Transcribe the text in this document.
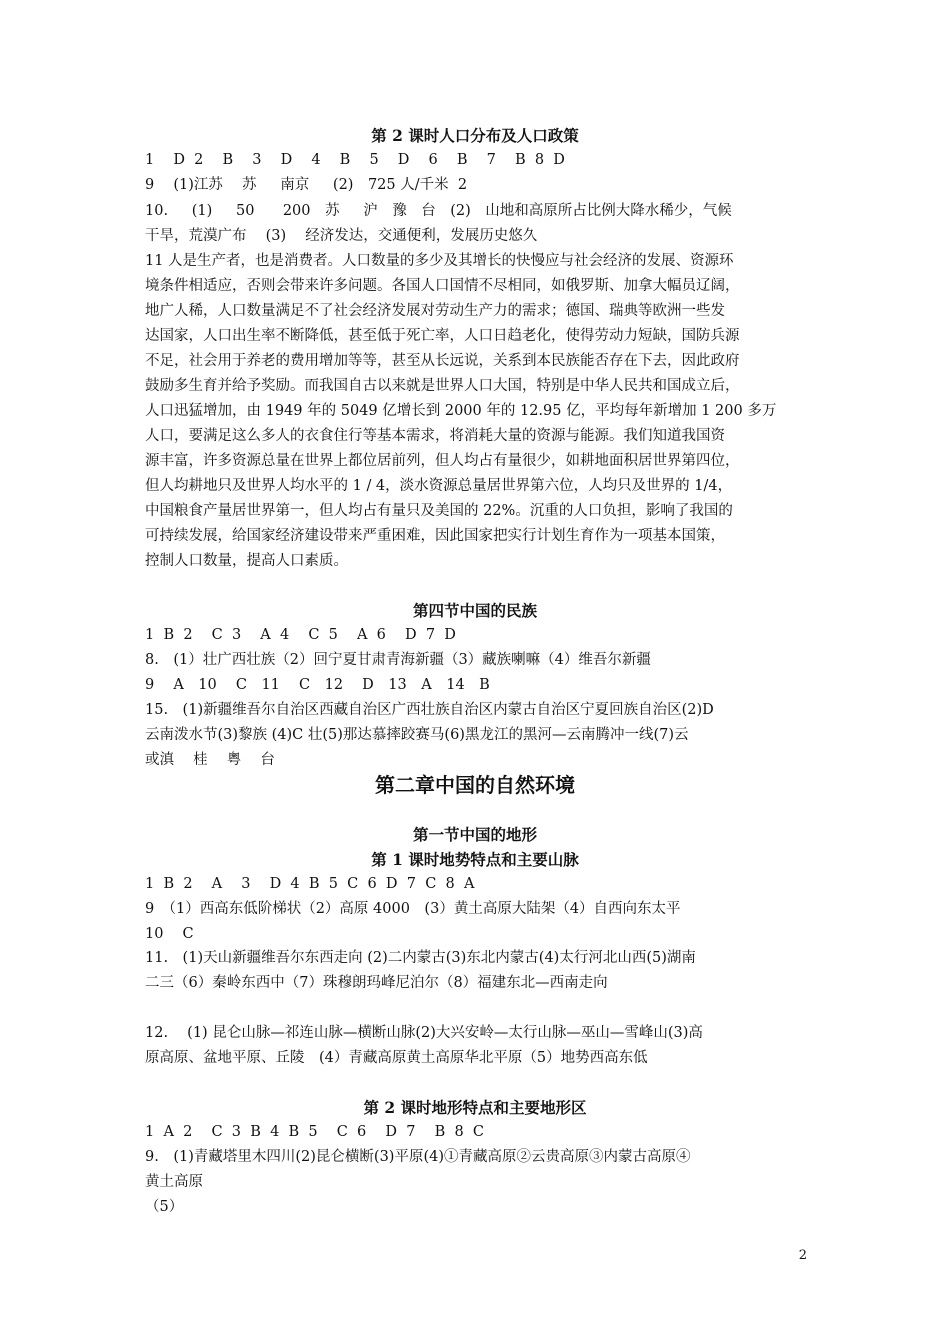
第 2 课时人口分布及人口政策
1　 D  2　 B　 3　 D　 4　 B　 5　 D　 6　 B　 7　 B  8  D
9　 (1)江苏　 苏　  南京　  (2)　725 人/千米  2
10.　  (1)　  50　   200　苏　  沪　豫　台　(2)　山地和高原所占比例大降水稀少，气候
干旱，荒漠广布　 (3)　 经济发达，交通便利，发展历史悠久
11 人是生产者，也是消费者。人口数量的多少及其增长的快慢应与社会经济的发展、资源环
境条件相适应，否则会带来许多问题。各国人口国情不尽相同，如俄罗斯、加拿大幅员辽阔，
地广人稀，人口数量满足不了社会经济发展对劳动生产力的需求；德国、瑞典等欧洲一些发
达国家，人口出生率不断降低，甚至低于死亡率，人口日趋老化，使得劳动力短缺，国防兵源
不足，社会用于养老的费用增加等等，甚至从长远说，关系到本民族能否存在下去，因此政府
鼓励多生育并给予奖励。而我国自古以来就是世界人口大国，特别是中华人民共和国成立后，
人口迅猛增加，由 1949 年的 5049 亿增长到 2000 年的 12.95 亿，平均每年新增加 1 200 多万
人口，要满足这么多人的衣食住行等基本需求，将消耗大量的资源与能源。我们知道我国资
源丰富，许多资源总量在世界上都位居前列，但人均占有量很少，如耕地面积居世界第四位，
但人均耕地只及世界人均水平的 1 / 4，淡水资源总量居世界第六位，人均只及世界的 1/4，
中国粮食产量居世界第一，但人均占有量只及美国的 22%。沉重的人口负担，影响了我国的
可持续发展，给国家经济建设带来严重困难，因此国家把实行计划生育作为一项基本国策，
控制人口数量，提高人口素质。
第四节中国的民族
1  B  2　 C  3　 A  4　 C  5　 A  6　 D  7  D
8.　(1）壮广西壮族（2）回宁夏甘肃青海新疆（3）藏族喇嘛（4）维吾尔新疆
9　 A　10　 C　11　 C　12　 D　13　A　14　B
15.　(1)新疆维吾尔自治区西藏自治区广西壮族自治区内蒙古自治区宁夏回族自治区(2)D
云南泼水节(3)黎族 (4)C 壮(5)那达慕摔跤赛马(6)黑龙江的黑河—云南腾冲一线(7)云
或滇　 桂　 粤　 台
第二章中国的自然环境
第一节中国的地形
第 1 课时地势特点和主要山脉
1  B  2　 A　 3　 D  4  B  5  C  6  D  7  C  8  A
9　（1）西高东低阶梯状（2）高原 4000　(3）黄土高原大陆架（4）自西向东太平
10　 C
11.　(1)天山新疆维吾尔东西走向 (2)二内蒙古(3)东北内蒙古(4)太行河北山西(5)湖南
二三（6）秦岭东西中（7）珠穆朗玛峰尼泊尔（8）福建东北—西南走向
12.　 (1) 昆仑山脉—祁连山脉—横断山脉(2)大兴安岭—太行山脉—巫山—雪峰山(3)高
原高原、盆地平原、丘陵　(4）青藏高原黄土高原华北平原（5）地势西高东低
第 2 课时地形特点和主要地形区
1  A  2　 C  3  B  4  B  5　 C  6　 D  7　 B  8  C
9.　(1)青藏塔里木四川(2)昆仑横断(3)平原(4)①青藏高原②云贵高原③内蒙古高原④
黄土高原
（5）
2
